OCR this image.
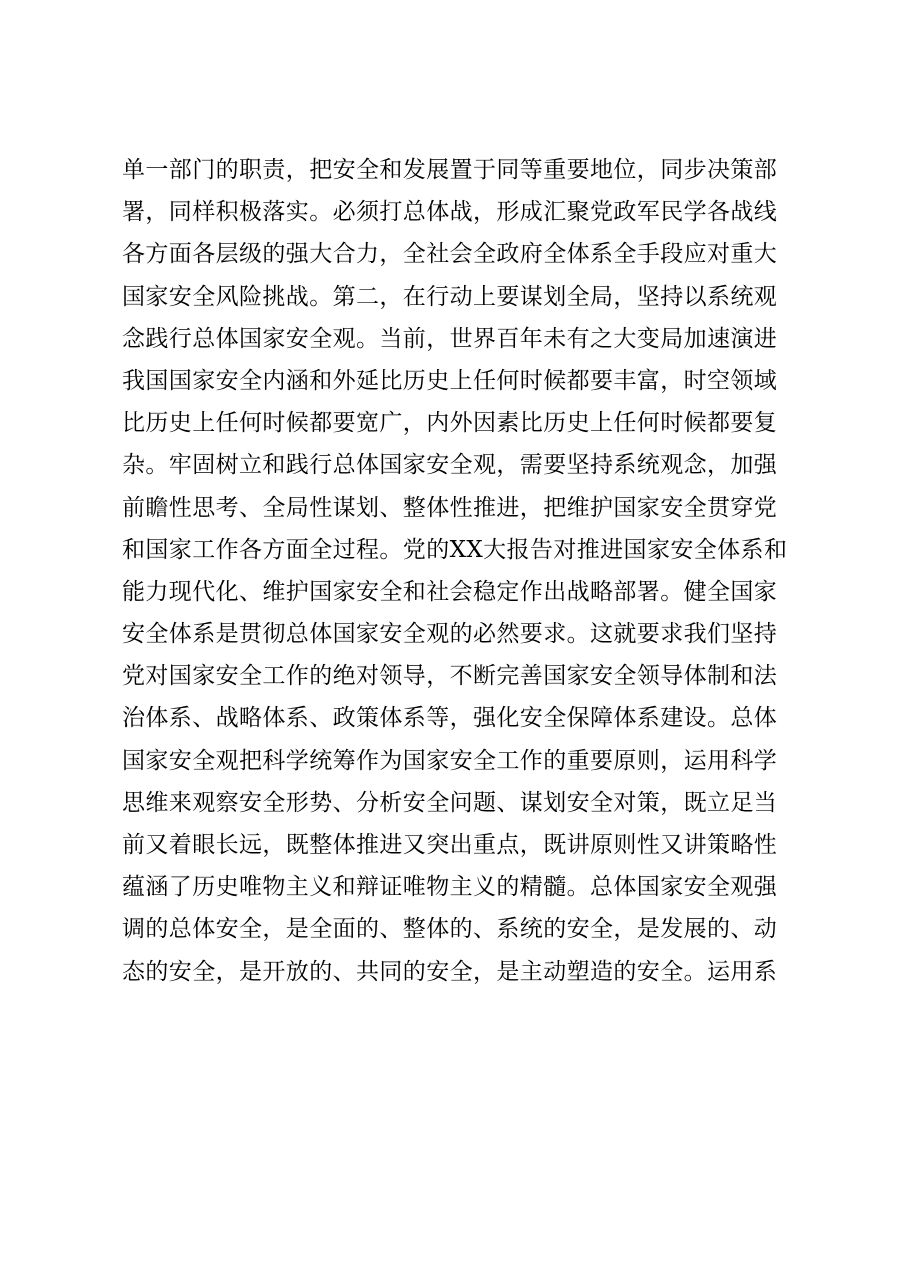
单一部门的职责，把安全和发展置于同等重要地位，同步决策部
署，同样积极落实。必须打总体战，形成汇聚党政军民学各战线
各方面各层级的强大合力，全社会全政府全体系全手段应对重大
国家安全风险挑战。第二，在行动上要谋划全局，坚持以系统观
念践行总体国家安全观。当前，世界百年未有之大变局加速演进
我国国家安全内涵和外延比历史上任何时候都要丰富，时空领域
比历史上任何时候都要宽广，内外因素比历史上任何时候都要复
杂。牢固树立和践行总体国家安全观，需要坚持系统观念，加强
前瞻性思考、全局性谋划、整体性推进，把维护国家安全贯穿党
和国家工作各方面全过程。党的XX大报告对推进国家安全体系和
能力现代化、维护国家安全和社会稳定作出战略部署。健全国家
安全体系是贯彻总体国家安全观的必然要求。这就要求我们坚持
党对国家安全工作的绝对领导，不断完善国家安全领导体制和法
治体系、战略体系、政策体系等，强化安全保障体系建设。总体
国家安全观把科学统筹作为国家安全工作的重要原则，运用科学
思维来观察安全形势、分析安全问题、谋划安全对策，既立足当
前又着眼长远，既整体推进又突出重点，既讲原则性又讲策略性
蕴涵了历史唯物主义和辩证唯物主义的精髓。总体国家安全观强
调的总体安全，是全面的、整体的、系统的安全，是发展的、动
态的安全，是开放的、共同的安全，是主动塑造的安全。运用系
